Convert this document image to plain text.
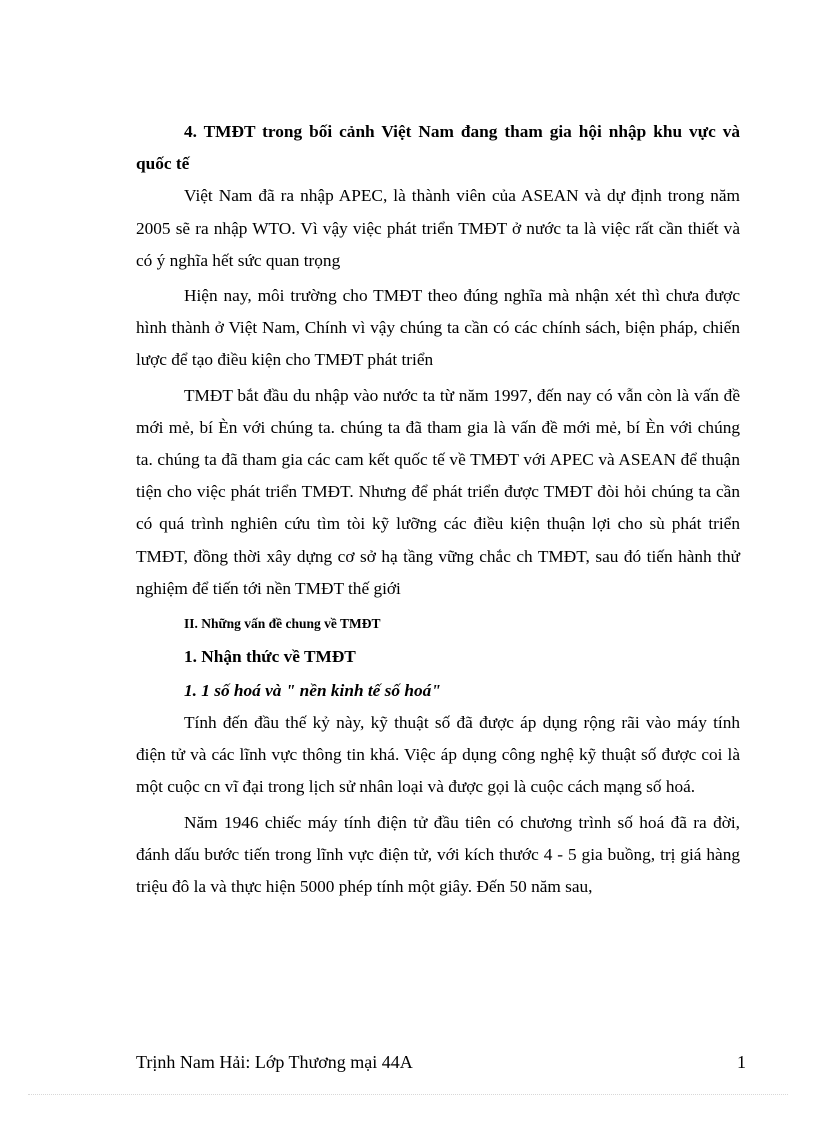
4. TMĐT trong bối cảnh Việt Nam đang tham gia hội nhập khu vực và quốc tế

Việt Nam đã ra nhập APEC, là thành viên của ASEAN và dự định trong năm 2005 sẽ ra nhập WTO. Vì vậy việc phát triển TMĐT ở nước ta là việc rất cần thiết và có ý nghĩa hết sức quan trọng

Hiện nay, môi trường cho TMĐT theo đúng nghĩa mà nhận xét thì chưa được hình thành ở Việt Nam, Chính vì vậy chúng ta cần có các chính sách, biện pháp, chiến lược để tạo điều kiện cho TMĐT phát triển

TMĐT bắt đầu du nhập vào nước ta từ năm 1997, đến nay có vẫn còn là vấn đề mới mẻ, bí Èn với chúng ta. chúng ta đã tham gia là vấn đề mới mẻ, bí Èn với chúng ta. chúng ta đã tham gia các cam kết quốc tế về TMĐT với APEC và ASEAN để thuận tiện cho việc phát triển TMĐT. Nhưng để phát triển được TMĐT đòi hỏi chúng ta cần có quá trình nghiên cứu tìm tòi kỹ lưỡng các điều kiện thuận lợi cho sù phát triển TMĐT, đồng thời xây dựng cơ sở hạ tầng vững chắc ch TMĐT, sau đó tiến hành thử nghiệm để tiến tới nền TMĐT thế giới

II. Những vấn đề chung về TMĐT

1. Nhận thức về TMĐT

1. 1 số hoá và " nền kinh tế số hoá"

Tính đến đầu thế kỷ này, kỹ thuật số đã được áp dụng rộng rãi vào máy tính điện tử và các lĩnh vực thông tin khá. Việc áp dụng công nghệ kỹ thuật số được coi là một cuộc cn vĩ đại trong lịch sử nhân loại và được gọi là cuộc cách mạng số hoá.

Năm 1946 chiếc máy tính điện tử đầu tiên có chương trình số hoá đã ra đời, đánh dấu bước tiến trong lĩnh vực điện tử, với kích thước 4 - 5 gia buồng, trị giá hàng triệu đô la và thực hiện 5000 phép tính một giây. Đến 50 năm sau,

Trịnh Nam Hải: Lớp Thương mại 44A	1
